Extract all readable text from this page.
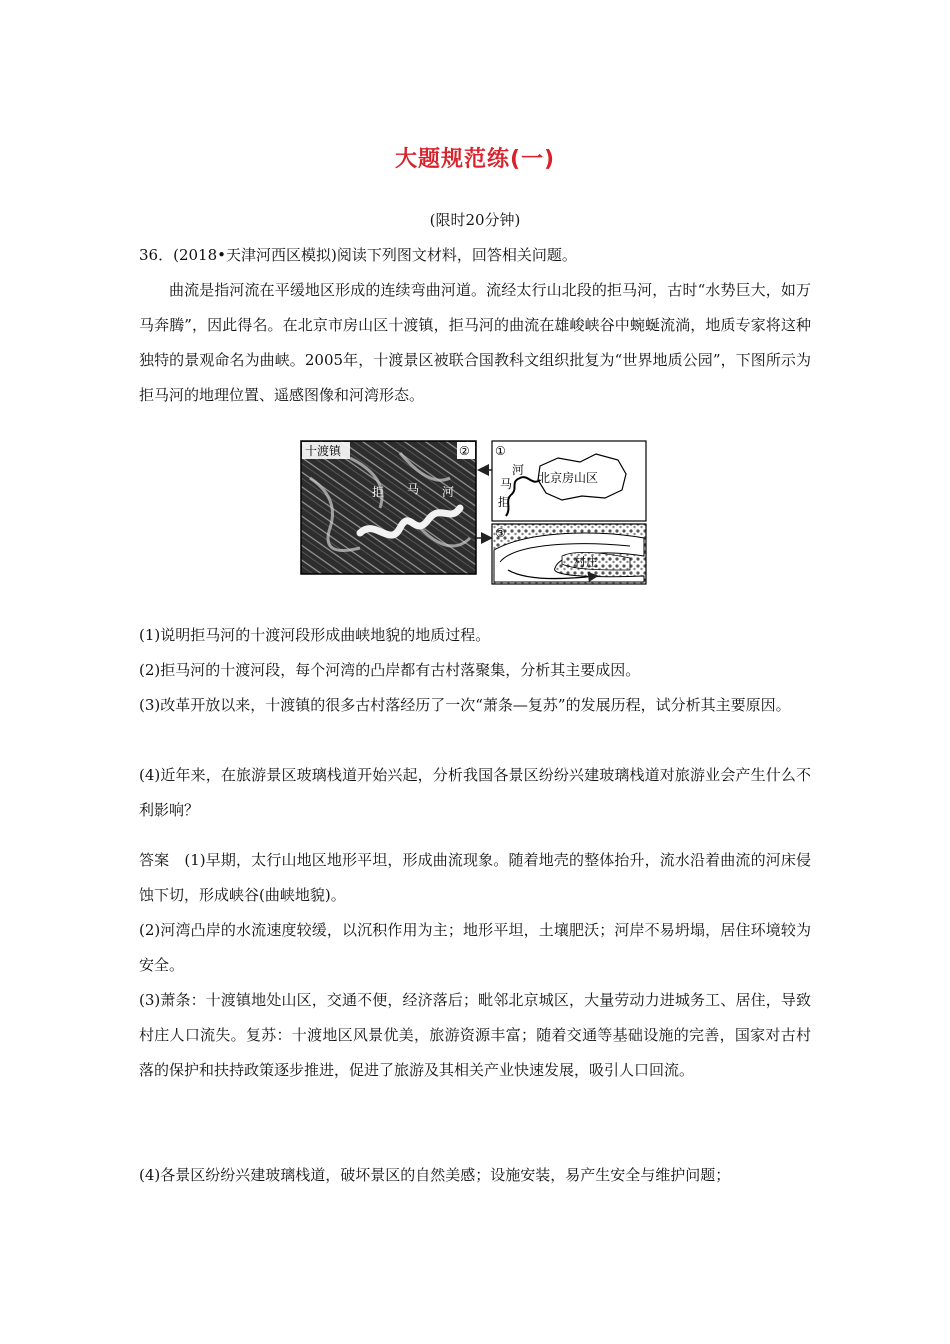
大题规范练(一)
(限时20分钟)
36．(2018•天津河西区模拟)阅读下列图文材料，回答相关问题。
曲流是指河流在平缓地区形成的连续弯曲河道。流经太行山北段的拒马河，古时“水势巨大，如万马奔腾”，因此得名。在北京市房山区十渡镇，拒马河的曲流在雄峻峡谷中蜿蜒流淌，地质专家将这种独特的景观命名为曲峡。2005年，十渡景区被联合国教科文组织批复为“世界地质公园”，下图所示为拒马河的地理位置、遥感图像和河湾形态。
十渡镇	②
拒 马 河
①
北京房山区
河
马
拒
村庄
③
(1)说明拒马河的十渡河段形成曲峡地貌的地质过程。
(2)拒马河的十渡河段，每个河湾的凸岸都有古村落聚集，分析其主要成因。
(3)改革开放以来，十渡镇的很多古村落经历了一次“萧条—复苏”的发展历程，试分析其主要原因。
(4)近年来，在旅游景区玻璃栈道开始兴起，分析我国各景区纷纷兴建玻璃栈道对旅游业会产生什么不利影响？
答案　 (1)早期，太行山地区地形平坦，形成曲流现象。随着地壳的整体抬升，流水沿着曲流的河床侵蚀下切，形成峡谷(曲峡地貌)。
(2)河湾凸岸的水流速度较缓，以沉积作用为主；地形平坦，土壤肥沃；河岸不易坍塌，居住环境较为安全。
(3)萧条：十渡镇地处山区，交通不便，经济落后；毗邻北京城区，大量劳动力进城务工、居住，导致村庄人口流失。复苏：十渡地区风景优美，旅游资源丰富；随着交通等基础设施的完善，国家对古村落的保护和扶持政策逐步推进，促进了旅游及其相关产业快速发展，吸引人口回流。
(4)各景区纷纷兴建玻璃栈道，破坏景区的自然美感；设施安装，易产生安全与维护问题；
